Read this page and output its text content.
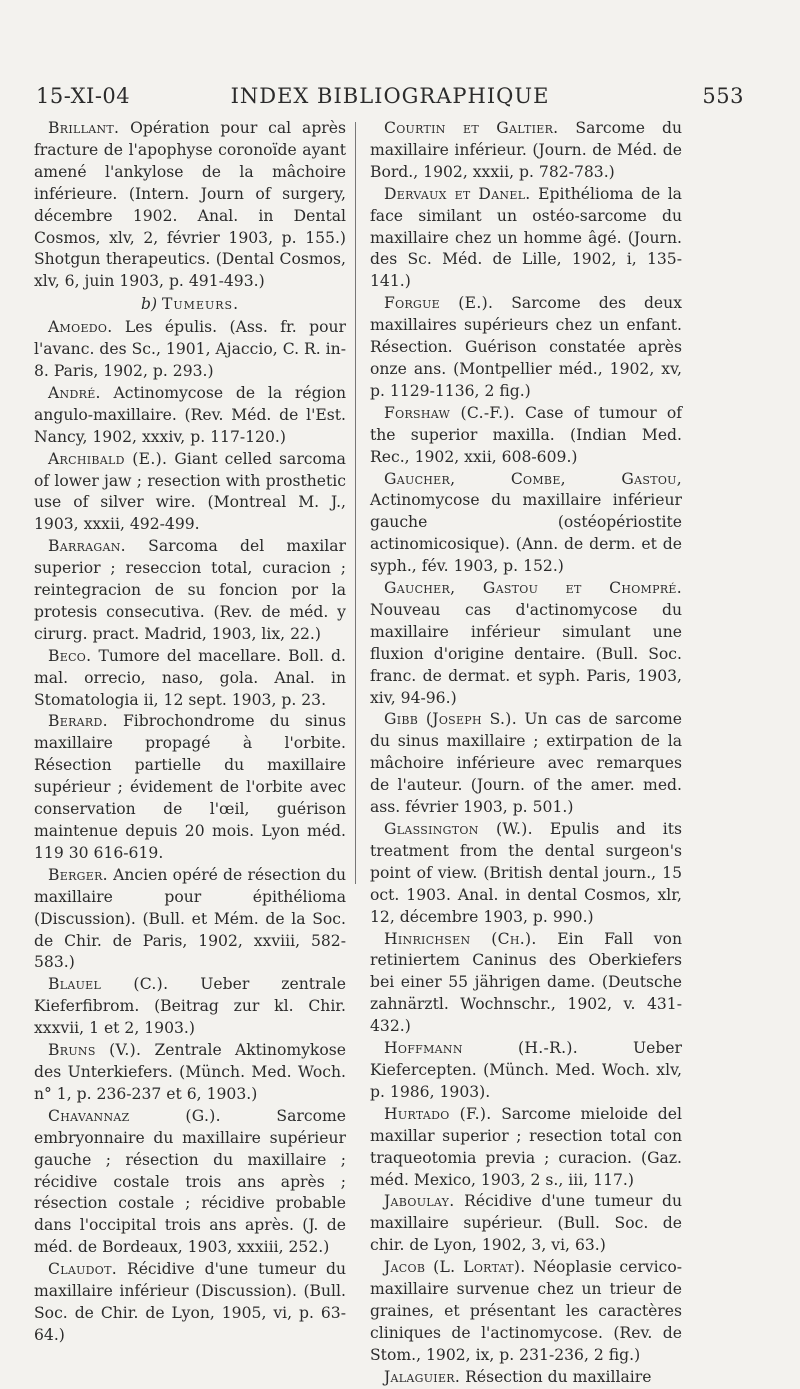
15-XI-04	INDEX BIBLIOGRAPHIQUE	553

Brillant. Opération pour cal après fracture de l'apophyse coronoïde ayant amené l'ankylose de la mâchoire inférieure. (Intern. Journ of surgery, décembre 1902. Anal. in Dental Cosmos, xlv, 2, février 1903, p. 155.) Shotgun therapeutics. (Dental Cosmos, xlv, 6, juin 1903, p. 491-493.)

b) Tumeurs.

Amoedo. Les épulis. (Ass. fr. pour l'avanc. des Sc., 1901, Ajaccio, C. R. in-8. Paris, 1902, p. 293.)

André. Actinomycose de la région angulo-maxillaire. (Rev. Méd. de l'Est. Nancy, 1902, xxxiv, p. 117-120.)

Archibald (E.). Giant celled sarcoma of lower jaw ; resection with prosthetic use of silver wire. (Montreal M. J., 1903, xxxii, 492-499.

Barragan. Sarcoma del maxilar superior ; reseccion total, curacion ; reintegracion de su foncion por la protesis consecutiva. (Rev. de méd. y cirurg. pract. Madrid, 1903, lix, 22.)

Beco. Tumore del macellare. Boll. d. mal. orrecio, naso, gola. Anal. in Stomatologia ii, 12 sept. 1903, p. 23.

Berard. Fibrochondrome du sinus maxillaire propagé à l'orbite. Résection partielle du maxillaire supérieur ; évidement de l'orbite avec conservation de l'œil, guérison maintenue depuis 20 mois. Lyon méd. 119 30 616-619.

Berger. Ancien opéré de résection du maxillaire pour épithélioma (Discussion). (Bull. et Mém. de la Soc. de Chir. de Paris, 1902, xxviii, 582-583.)

Blauel (C.). Ueber zentrale Kieferfibrom. (Beitrag zur kl. Chir. xxxvii, 1 et 2, 1903.)

Bruns (V.). Zentrale Aktinomykose des Unterkiefers. (Münch. Med. Woch. n° 1, p. 236-237 et 6, 1903.)

Chavannaz (G.).	Sarcome embryonnaire du maxillaire supérieur gauche ; résection du maxillaire ; récidive costale trois ans après ; résection costale ; récidive probable dans l'occipital trois ans après. (J. de méd. de Bordeaux, 1903, xxxiii, 252.)

Claudot. Récidive d'une tumeur du maxillaire inférieur (Discussion). (Bull. Soc. de Chir. de Lyon, 1905, vi, p. 63-64.)

Courtin et Galtier. Sarcome du maxillaire inférieur. (Journ. de Méd. de Bord., 1902, xxxii, p. 782-783.)

Dervaux et Danel. Epithélioma de la face similant un ostéo-sarcome du maxillaire chez un homme âgé. (Journ. des Sc. Méd. de Lille, 1902, i, 135-141.)

Forgue (E.). Sarcome des deux maxillaires supérieurs chez un enfant. Résection. Guérison constatée après onze ans. (Montpellier méd., 1902, xv, p. 1129-1136, 2 fig.)

Forshaw (C.-F.). Case of tumour of the superior maxilla. (Indian Med. Rec., 1902, xxii, 608-609.)

Gaucher, Combe, Gastou, Actinomycose du maxillaire inférieur gauche (ostéopériostite actinomicosique). (Ann. de derm. et de syph., fév. 1903, p. 152.)

Gaucher, Gastou et Chompré. Nouveau cas d'actinomycose du maxillaire inférieur simulant une fluxion d'origine dentaire. (Bull. Soc. franc. de dermat. et syph. Paris, 1903, xiv, 94-96.)

Gibb (Joseph S.). Un cas de sarcome du sinus maxillaire ; extirpation de la mâchoire inférieure avec remarques de l'auteur. (Journ. of the amer. med. ass. février 1903, p. 501.)

Glassington (W.). Epulis and its treatment from the dental surgeon's point of view. (British dental journ., 15 oct. 1903. Anal. in dental Cosmos, xlr, 12, décembre 1903, p. 990.)

Hinrichsen (Ch.). Ein Fall von retiniertem Caninus des Oberkiefers bei einer 55 jährigen dame. (Deutsche zahnärztl. Wochnschr., 1902, v. 431-432.)

Hoffmann (H.-R.).	Ueber Kiefercepten. (Münch. Med. Woch. xlv, p. 1986, 1903).

Hurtado (F.). Sarcome mieloide del maxillar superior ; resection total con traqueotomia previa ; curacion. (Gaz. méd. Mexico, 1903, 2 s., iii, 117.)

Jaboulay. Récidive d'une tumeur du maxillaire supérieur. (Bull. Soc. de chir. de Lyon, 1902, 3, vi, 63.)

Jacob (L. Lortat). Néoplasie cervico-maxillaire survenue chez un trieur de graines, et présentant les caractères cliniques de l'actinomycose. (Rev. de Stom., 1902, ix, p. 231-236, 2 fig.)

Jalaguier. Résection du maxillaire
